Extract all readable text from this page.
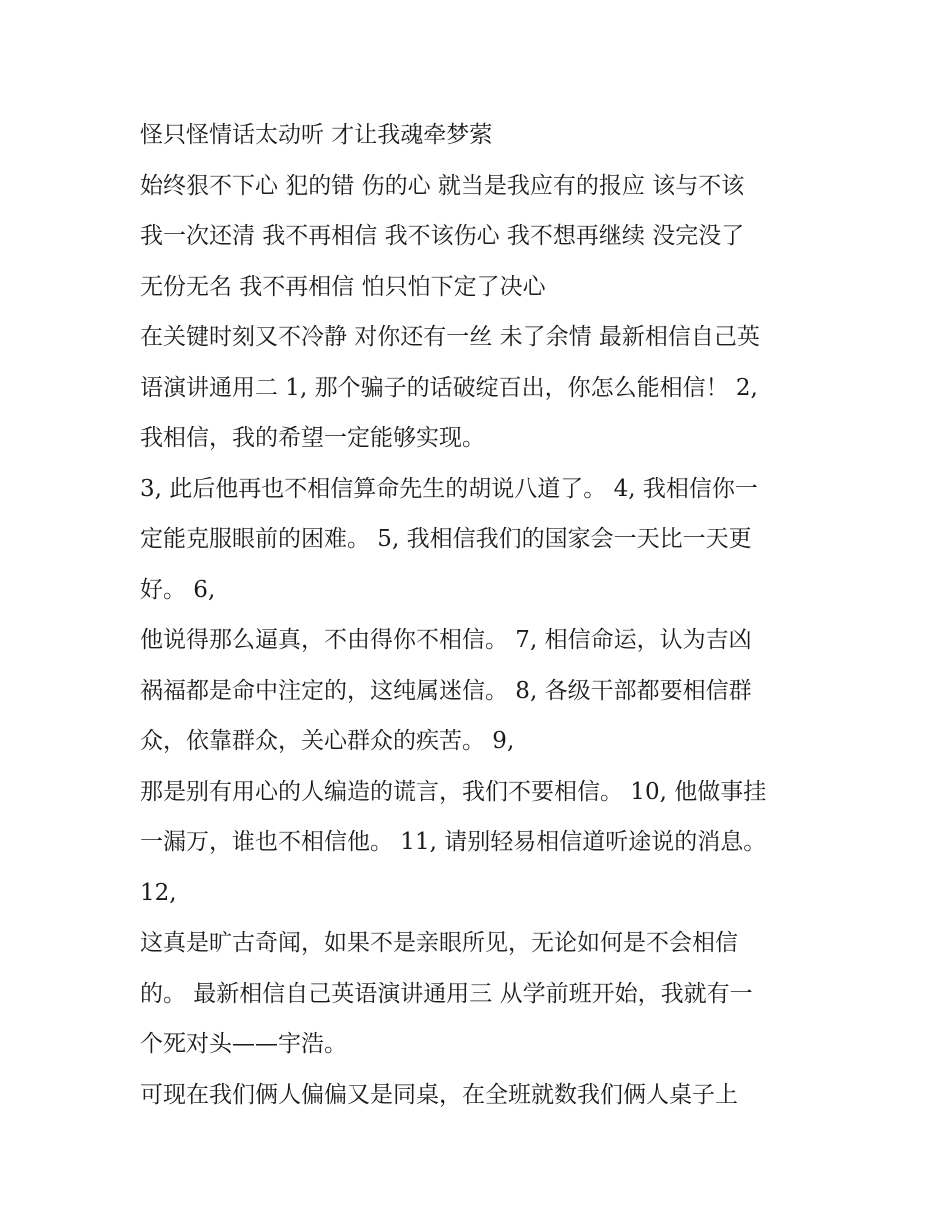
怪只怪情话太动听 才让我魂牵梦萦

始终狠不下心 犯的错 伤的心 就当是我应有的报应 该与不该

我一次还清 我不再相信 我不该伤心 我不想再继续 没完没了

无份无名 我不再相信 怕只怕下定了决心

在关键时刻又不冷静 对你还有一丝 未了余情 最新相信自己英

语演讲通用二 1, 那个骗子的话破绽百出，你怎么能相信！ 2,

我相信，我的希望一定能够实现。

3, 此后他再也不相信算命先生的胡说八道了。 4, 我相信你一

定能克服眼前的困难。 5, 我相信我们的国家会一天比一天更

好。 6,

他说得那么逼真，不由得你不相信。 7, 相信命运，认为吉凶

祸福都是命中注定的，这纯属迷信。 8, 各级干部都要相信群

众，依靠群众，关心群众的疾苦。 9,

那是别有用心的人编造的谎言，我们不要相信。 10, 他做事挂

一漏万，谁也不相信他。 11, 请别轻易相信道听途说的消息。

12,

这真是旷古奇闻，如果不是亲眼所见，无论如何是不会相信

的。 最新相信自己英语演讲通用三 从学前班开始，我就有一

个死对头——宇浩。

可现在我们俩人偏偏又是同桌，在全班就数我们俩人桌子上
